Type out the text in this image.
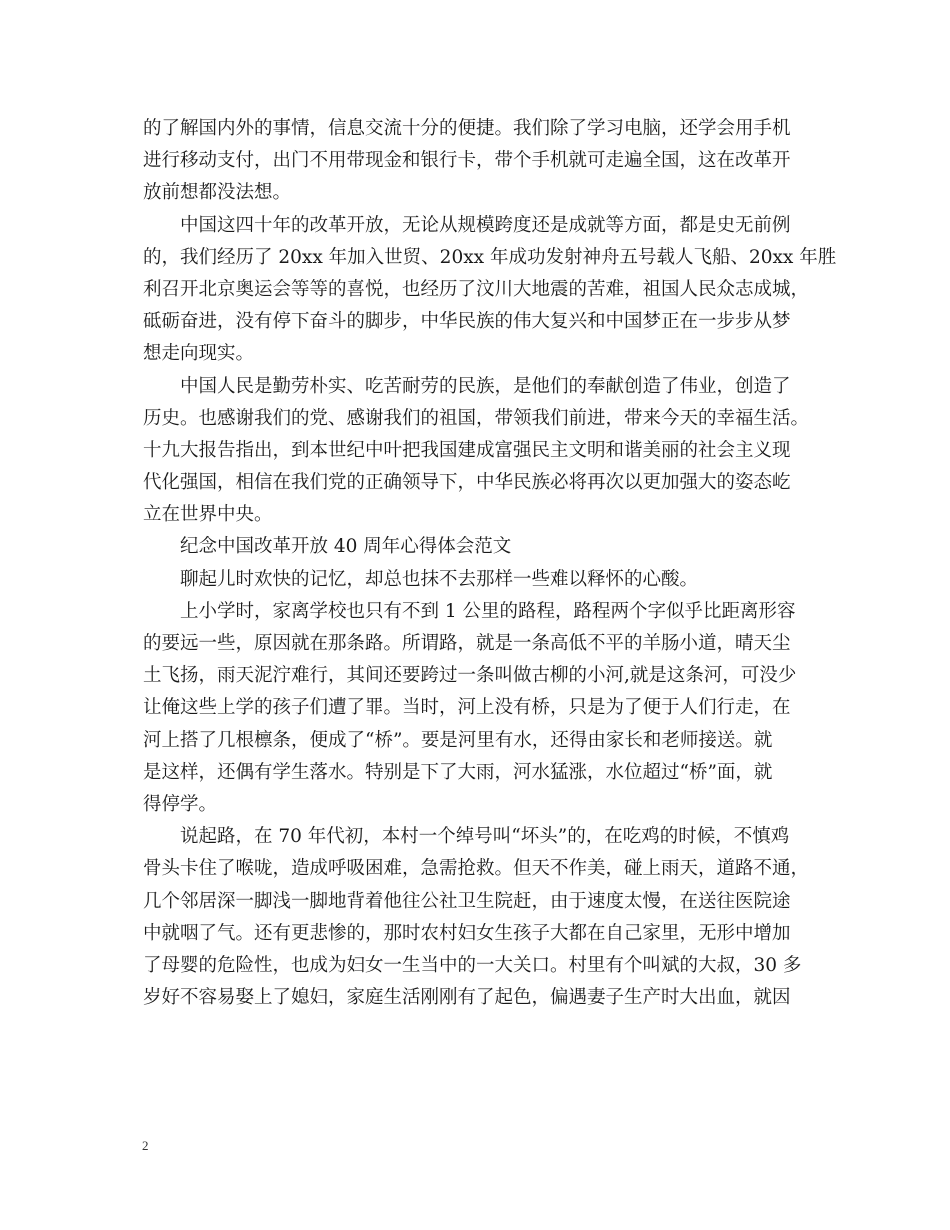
的了解国内外的事情，信息交流十分的便捷。我们除了学习电脑，还学会用手机
进行移动支付，出门不用带现金和银行卡，带个手机就可走遍全国，这在改革开
放前想都没法想。
　　中国这四十年的改革开放，无论从规模跨度还是成就等方面，都是史无前例
的，我们经历了 20xx 年加入世贸、20xx 年成功发射神舟五号载人飞船、20xx 年胜
利召开北京奥运会等等的喜悦，也经历了汶川大地震的苦难，祖国人民众志成城，
砥砺奋进，没有停下奋斗的脚步，中华民族的伟大复兴和中国梦正在一步步从梦
想走向现实。
　　中国人民是勤劳朴实、吃苦耐劳的民族，是他们的奉献创造了伟业，创造了
历史。也感谢我们的党、感谢我们的祖国，带领我们前进，带来今天的幸福生活。
十九大报告指出，到本世纪中叶把我国建成富强民主文明和谐美丽的社会主义现
代化强国，相信在我们党的正确领导下，中华民族必将再次以更加强大的姿态屹
立在世界中央。
　　纪念中国改革开放 40 周年心得体会范文
　　聊起儿时欢快的记忆，却总也抹不去那样一些难以释怀的心酸。
　　上小学时，家离学校也只有不到 1 公里的路程，路程两个字似乎比距离形容
的要远一些，原因就在那条路。所谓路，就是一条高低不平的羊肠小道，晴天尘
土飞扬，雨天泥泞难行，其间还要跨过一条叫做古柳的小河,就是这条河，可没少
让俺这些上学的孩子们遭了罪。当时，河上没有桥，只是为了便于人们行走，在
河上搭了几根檩条，便成了“桥”。要是河里有水，还得由家长和老师接送。就
是这样，还偶有学生落水。特别是下了大雨，河水猛涨，水位超过“桥”面，就
得停学。
　　说起路，在 70 年代初，本村一个绰号叫“坏头”的，在吃鸡的时候，不慎鸡
骨头卡住了喉咙，造成呼吸困难，急需抢救。但天不作美，碰上雨天，道路不通，
几个邻居深一脚浅一脚地背着他往公社卫生院赶，由于速度太慢，在送往医院途
中就咽了气。还有更悲惨的，那时农村妇女生孩子大都在自己家里，无形中增加
了母婴的危险性，也成为妇女一生当中的一大关口。村里有个叫斌的大叔，30 多
岁好不容易娶上了媳妇，家庭生活刚刚有了起色，偏遇妻子生产时大出血，就因
2
